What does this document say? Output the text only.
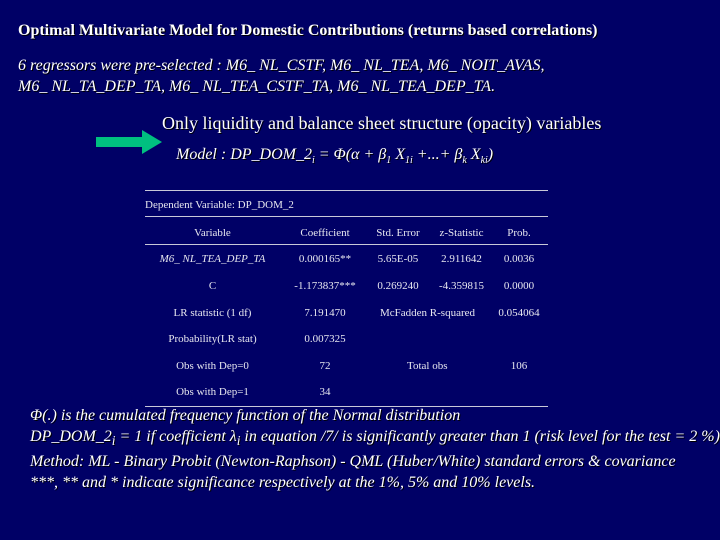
Optimal Multivariate Model for Domestic Contributions (returns based correlations)
6 regressors were pre-selected : M6_ NL_CSTF, M6_ NL_TEA, M6_ NOIT_AVAS,
M6_ NL_TA_DEP_TA, M6_ NL_TEA_CSTF_TA, M6_ NL_TEA_DEP_TA.
Only liquidity and balance sheet structure (opacity) variables
Model : $DP\_DOM\_2_i = \Phi(\alpha + \beta_1$ $X_{1i}$ +...+ $\beta_k$ $X_{ki}$)
Dependent Variable: DP_DOM_2
Variable	Coefficient	Std. Error	z-Statistic	Prob.
M6_ NL_TEA_DEP_TA	0.000165**	5.65E-05	2.911642	0.0036
C	-1.173837***	0.269240	-4.359815	0.0000
LR statistic (1 df)	7.191470	McFadden R-squared	0.054064
Probability(LR stat)	0.007325
Obs with Dep=0	72	Total obs	106
Obs with Dep=1	34

Φ(.) is the cumulated frequency function of the Normal distribution

$DP\_DOM\_2_i = 1$ if coefficient $\lambda_i$ in equation /7/ is significantly greater than 1 (risk level for the test = 2 %)

Method: ML - Binary Probit (Newton-Raphson) - QML (Huber/White) standard errors & covariance

***, ** and * indicate significance respectively at the 1%, 5% and 10% levels.
